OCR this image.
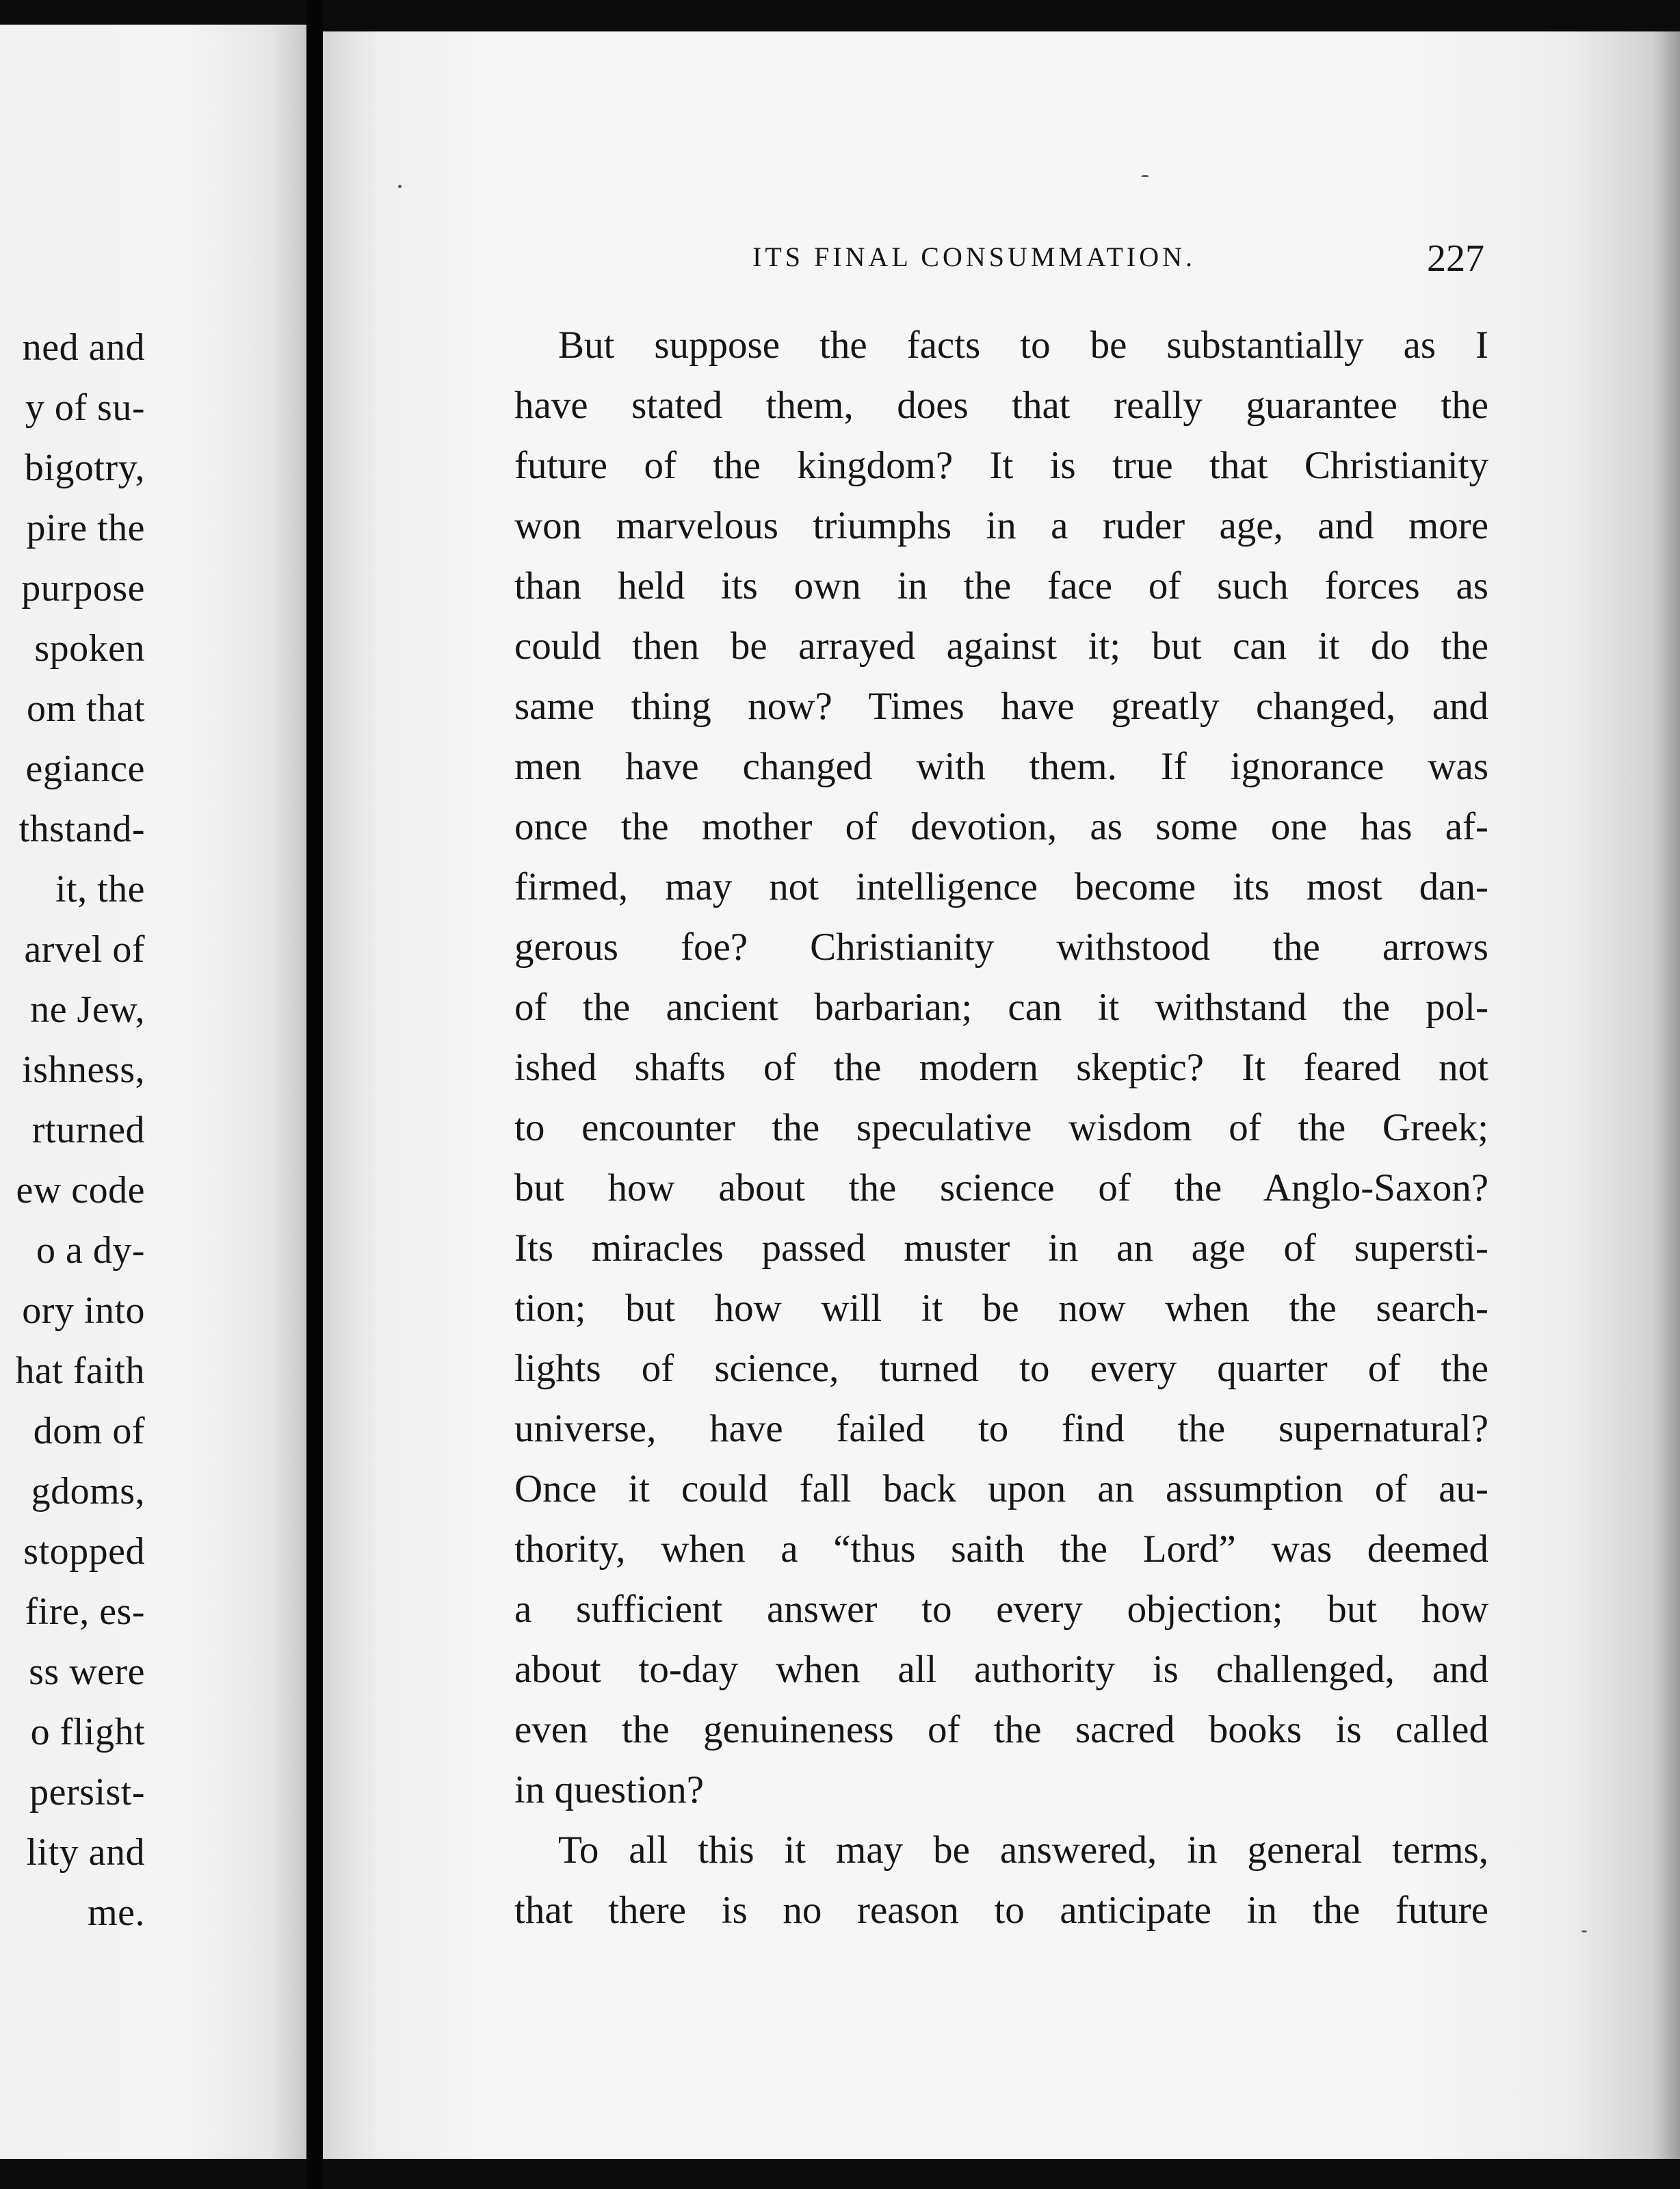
ned and
y of su-
bigotry,
pire the
purpose
spoken
om that
egiance
thstand-
it, the
arvel of
ne Jew,
ishness,
rturned
ew code
o a dy-
ory into
hat faith
dom of
gdoms,
stopped
fire, es-
ss were
o flight
persist-
lity and
me.
ITS FINAL CONSUMMATION.	227
But suppose the facts to be substantially as I
have stated them, does that really guarantee the
future of the kingdom? It is true that Christianity
won marvelous triumphs in a ruder age, and more
than held its own in the face of such forces as
could then be arrayed against it; but can it do the
same thing now? Times have greatly changed, and
men have changed with them. If ignorance was
once the mother of devotion, as some one has af-
firmed, may not intelligence become its most dan-
gerous foe? Christianity withstood the arrows
of the ancient barbarian; can it withstand the pol-
ished shafts of the modern skeptic? It feared not
to encounter the speculative wisdom of the Greek;
but how about the science of the Anglo-Saxon?
Its miracles passed muster in an age of supersti-
tion; but how will it be now when the search-
lights of science, turned to every quarter of the
universe, have failed to find the supernatural?
Once it could fall back upon an assumption of au-
thority, when a “thus saith the Lord” was deemed
a sufficient answer to every objection; but how
about to-day when all authority is challenged, and
even the genuineness of the sacred books is called
in question?
To all this it may be answered, in general terms,
that there is no reason to anticipate in the future
